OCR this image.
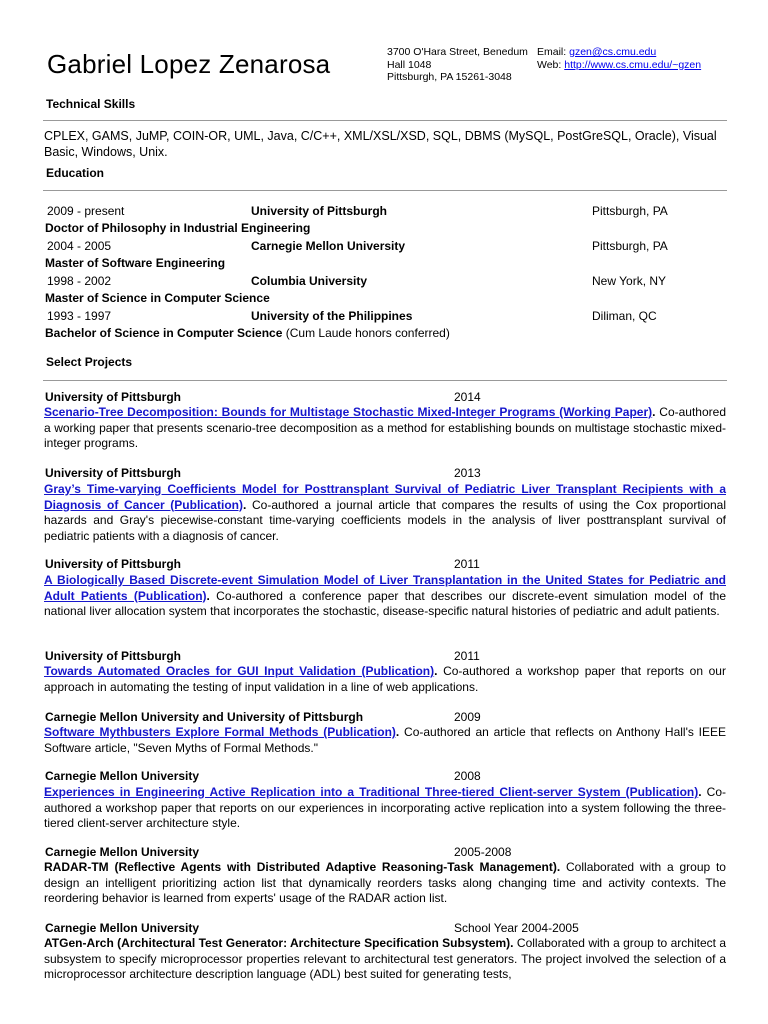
Gabriel Lopez Zenarosa	3700 O'Hara Street, Benedum
Hall 1048
Pittsburgh, PA 15261-3048
Email: gzen@cs.cmu.edu
Web: http://www.cs.cmu.edu/~gzen
Technical Skills
CPLEX, GAMS, JuMP, COIN-OR, UML, Java, C/C++, XML/XSL/XSD, SQL, DBMS (MySQL, PostGreSQL, Oracle), Visual Basic, Windows, Unix.
Education
2009 - present	University of Pittsburgh	Pittsburgh, PA
Doctor of Philosophy in Industrial Engineering
2004 - 2005	Carnegie Mellon University	Pittsburgh, PA
Master of Software Engineering
1998 - 2002	Columbia University	New York, NY
Master of Science in Computer Science
1993 - 1997	University of the Philippines	Diliman, QC
Bachelor of Science in Computer Science (Cum Laude honors conferred)
Select Projects
University of Pittsburgh	2014
Scenario-Tree Decomposition: Bounds for Multistage Stochastic Mixed-Integer Programs (Working Paper). Co-authored a working paper that presents scenario-tree decomposition as a method for establishing bounds on multistage stochastic mixed-integer programs.
University of Pittsburgh	2013
Gray’s Time-varying Coefficients Model for Posttransplant Survival of Pediatric Liver Transplant Recipients with a Diagnosis of Cancer (Publication). Co-authored a journal article that compares the results of using the Cox proportional hazards and Gray's piecewise-constant time-varying coefficients models in the analysis of liver posttransplant survival of pediatric patients with a diagnosis of cancer.
University of Pittsburgh	2011
A Biologically Based Discrete-event Simulation Model of Liver Transplantation in the United States for Pediatric and Adult Patients (Publication). Co-authored a conference paper that describes our discrete-event simulation model of the national liver allocation system that incorporates the stochastic, disease-specific natural histories of pediatric and adult patients.
University of Pittsburgh	2011
Towards Automated Oracles for GUI Input Validation (Publication). Co-authored a workshop paper that reports on our approach in automating the testing of input validation in a line of web applications.
Carnegie Mellon University and University of Pittsburgh	2009
Software Mythbusters Explore Formal Methods (Publication). Co-authored an article that reflects on Anthony Hall's IEEE Software article, "Seven Myths of Formal Methods."
Carnegie Mellon University	2008
Experiences in Engineering Active Replication into a Traditional Three-tiered Client-server System (Publication). Co-authored a workshop paper that reports on our experiences in incorporating active replication into a system following the three-tiered client-server architecture style.
Carnegie Mellon University	2005-2008
RADAR-TM (Reflective Agents with Distributed Adaptive Reasoning-Task Management). Collaborated with a group to design an intelligent prioritizing action list that dynamically reorders tasks along changing time and activity contexts. The reordering behavior is learned from experts' usage of the RADAR action list.
Carnegie Mellon University	School Year 2004-2005
ATGen-Arch (Architectural Test Generator: Architecture Specification Subsystem). Collaborated with a group to architect a subsystem to specify microprocessor properties relevant to architectural test generators. The project involved the selection of a microprocessor architecture description language (ADL) best suited for generating tests,
